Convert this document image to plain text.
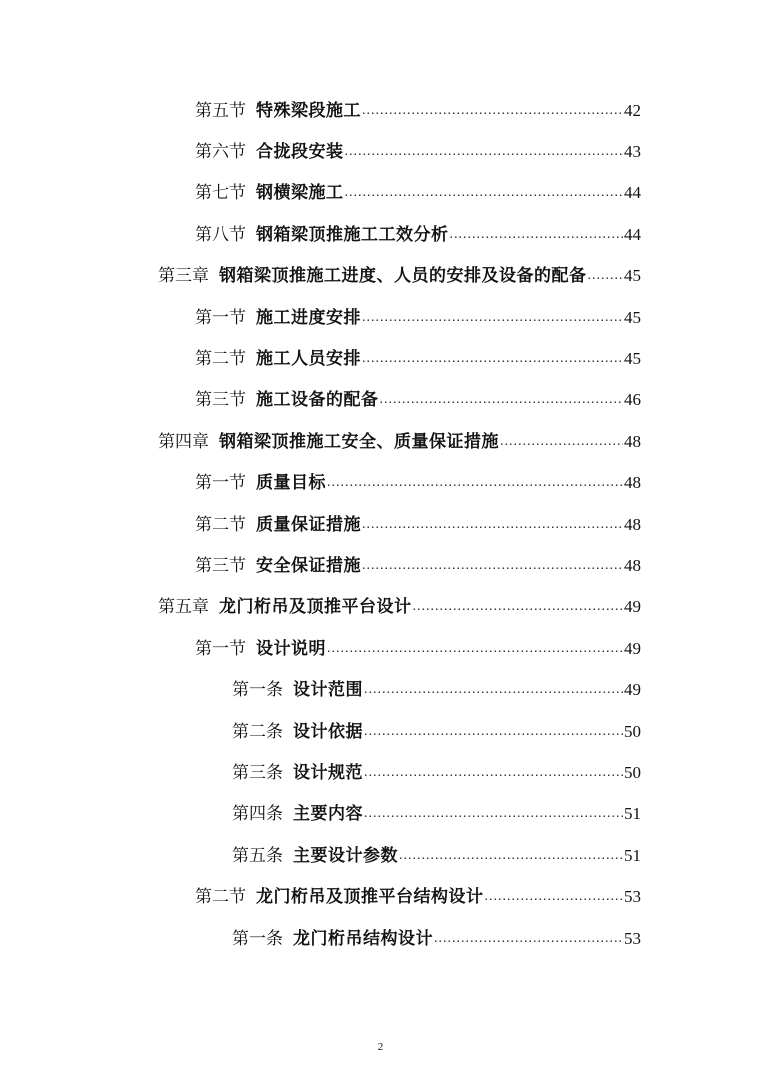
第五节 特殊梁段施工 .....	42
第六节 合拢段安装 .....	43
第七节 钢横梁施工 .....	44
第八节 钢箱梁顶推施工工效分析 .....	44
第三章 钢箱梁顶推施工进度、人员的安排及设备的配备 ..... 45
第一节 施工进度安排 .....	45
第二节 施工人员安排 .....	45
第三节 施工设备的配备 .....	46
第四章 钢箱梁顶推施工安全、质量保证措施 .....	48
第一节 质量目标 .....	48
第二节 质量保证措施 .....	48
第三节 安全保证措施 .....	48
第五章 龙门桁吊及顶推平台设计 .....	49
第一节 设计说明 .....	49
第一条 设计范围 .....	49
第二条 设计依据 .....	50
第三条 设计规范 .....	50
第四条 主要内容 .....	51
第五条 主要设计参数 .....	51
第二节 龙门桁吊及顶推平台结构设计 .....	53
第一条 龙门桁吊结构设计 .....	53
2
